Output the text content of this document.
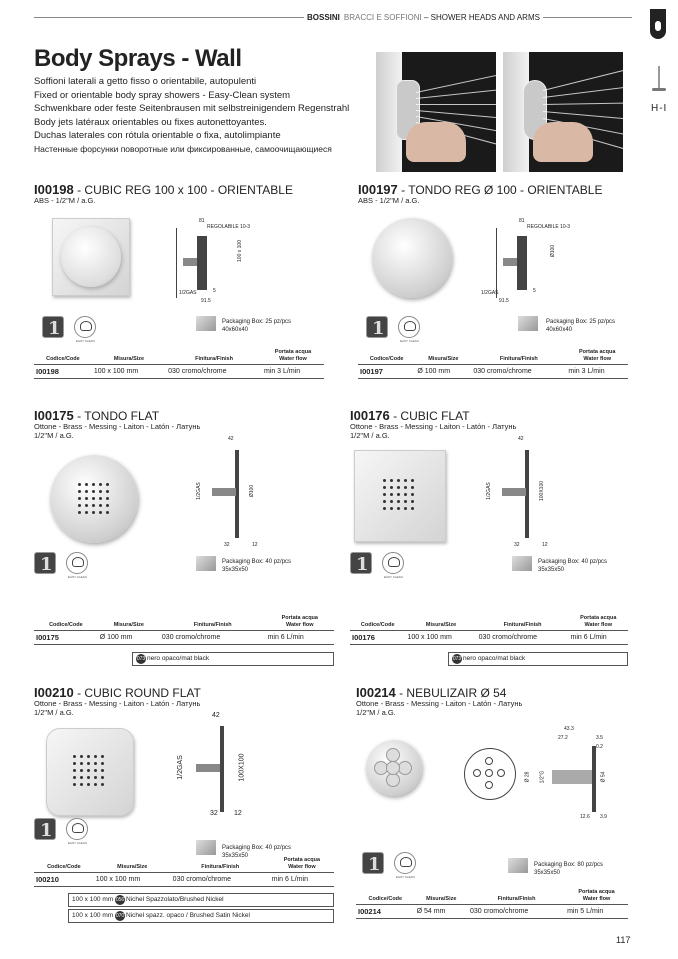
BOSSINI BRACCI E SOFFIONI – SHOWER HEADS AND ARMS
BOSSINI
H-I
Body Sprays - Wall
Soffioni laterali a getto fisso o orientabile, autopulenti
Fixed or orientable body spray showers - Easy-Clean system
Schwenkbare oder feste Seitenbrausen mit selbstreinigendem Regenstrahl
Body jets latéraux orientables ou fixes autonettoyantes.
Duchas laterales con rótula orientable o fixa, autolimpiante
Настенные форсунки поворотные или фиксированные, самоочищающиеся
I00198 - CUBIC REG 100 x 100 - ORIENTABLE
ABS - 1/2"M / a.G.
81
REGOLABILE 10-3
100 x 100
1/2GAS	5
91.5
1
EASY CLEAN
Packaging Box: 25 pz/pcs
40x60x40
Codice/Code	Misura/Size	Finitura/Finish	Portata acqua
Water flow

I00198	100 x 100 mm	030 cromo/chrome	min 3 L/min
I00197 - TONDO REG Ø 100 - ORIENTABLE
ABS - 1/2"M / a.G.
81
REGOLABILE 10-3
Ø100
1/2GAS	5
91.5
1
EASY CLEAN
Packaging Box: 25 pz/pcs
40x60x40
Codice/Code	Misura/Size	Finitura/Finish	Portata acqua
Water flow

I00197	Ø 100 mm	030 cromo/chrome	min 3 L/min
I00175 - TONDO FLAT
Ottone - Brass - Messing - Laiton - Latón - Латунь
1/2"M / a.G.	42
1/2GAS	Ø100
32	12
1
EASY CLEAN
Packaging Box: 40 pz/pcs
35x35x50
Codice/Code	Misura/Size	Finitura/Finish	Portata acqua
Water flow

I00175	Ø 100 mm	030 cromo/chrome	min 6 L/min
073 nero opaco/mat black
I00176 - CUBIC FLAT
Ottone - Brass - Messing - Laiton - Latón - Латунь
1/2"M / a.G.	42
1/2GAS	100X100
32	12
1
EASY CLEAN
Packaging Box: 40 pz/pcs
35x35x50
Codice/Code	Misura/Size	Finitura/Finish	Portata acqua
Water flow

I00176	100 x 100 mm	030 cromo/chrome	min 6 L/min
073 nero opaco/mat black
I00210 - CUBIC ROUND FLAT
Ottone - Brass - Messing - Laiton - Latón - Латунь
1/2"M / a.G.	42
1/2GAS	100X100
32 12
1
EASY CLEAN
Packaging Box: 40 pz/pcs
35x35x50
Codice/Code	Misura/Size	Finitura/Finish	Portata acqua
Water flow

I00210	100 x 100 mm	030 cromo/chrome	min 6 L/min
100 x 100 mm 056 Nichel Spazzolato/Brushed Nickel
100 x 100 mm 070 Nichel spazz. opaco / Brushed Satin Nickel
I00214 - NEBULIZAIR Ø 54
Ottone - Brass - Messing - Laiton - Latón - Латунь
1/2"M / a.G.
43.3
27.2	3.5
0.2
Ø 28 1/2"G	Ø 54
12.6 3.9
1
EASY CLEAN
Packaging Box: 80 pz/pcs
35x35x50
Codice/Code	Misura/Size	Finitura/Finish	Portata acqua
Water flow

I00214	Ø 54 mm	030 cromo/chrome	min 5 L/min
117
